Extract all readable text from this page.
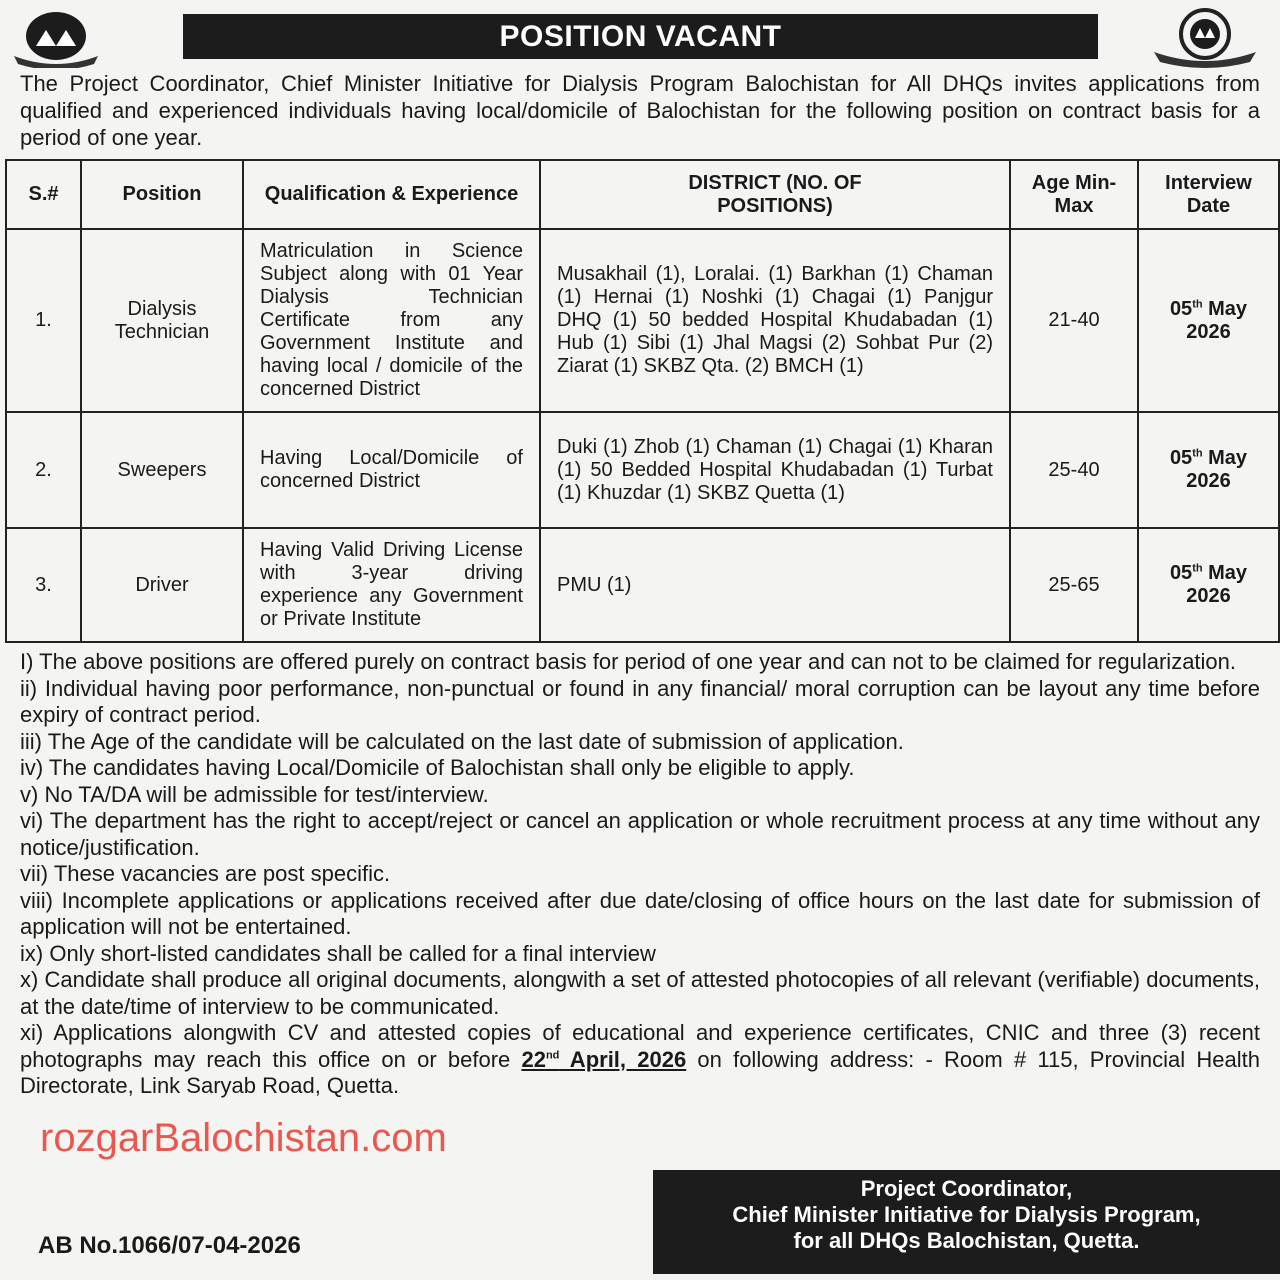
POSITION VACANT
The Project Coordinator, Chief Minister Initiative for Dialysis Program Balochistan for All DHQs invites applications from qualified and experienced individuals having local/domicile of Balochistan for the following position on contract basis for a period of one year.
S.#	Position	Qualification & Experience	DISTRICT (NO. OF POSITIONS)	Age Min-Max	Interview Date
1.	Dialysis Technician	Matriculation in Science Subject along with 01 Year Dialysis Technician Certificate from any Government Institute and having local / domicile of the concerned District	Musakhail (1), Loralai. (1) Barkhan (1) Chaman (1) Hernai (1) Noshki (1) Chagai (1) Panjgur DHQ (1) 50 bedded Hospital Khudabadan (1) Hub (1) Sibi (1) Jhal Magsi (2) Sohbat Pur (2) Ziarat (1) SKBZ Qta. (2) BMCH (1)	21-40	05th May 2026
2.	Sweepers	Having Local/Domicile of concerned District	Duki (1) Zhob (1) Chaman (1) Chagai (1) Kharan (1) 50 Bedded Hospital Khudabadan (1) Turbat (1) Khuzdar (1) SKBZ Quetta (1)	25-40	05th May 2026
3.	Driver	Having Valid Driving License with 3-year driving experience any Government or Private Institute	PMU (1)	25-65	05th May 2026

I) The above positions are offered purely on contract basis for period of one year and can not to be claimed for regularization.

ii) Individual having poor performance, non-punctual or found in any financial/ moral corruption can be layout any time before expiry of contract period.

iii) The Age of the candidate will be calculated on the last date of submission of application.

iv) The candidates having Local/Domicile of Balochistan shall only be eligible to apply.

v) No TA/DA will be admissible for test/interview.

vi) The department has the right to accept/reject or cancel an application or whole recruitment process at any time without any notice/justification.

vii) These vacancies are post specific.

viii) Incomplete applications or applications received after due date/closing of office hours on the last date for submission of application will not be entertained.

ix) Only short-listed candidates shall be called for a final interview

x) Candidate shall produce all original documents, alongwith a set of attested photocopies of all relevant (verifiable) documents, at the date/time of interview to be communicated.

xi) Applications alongwith CV and attested copies of educational and experience certificates, CNIC and three (3) recent photographs may reach this office on or before 22nd April, 2026 on following address: - Room # 115, Provincial Health Directorate, Link Saryab Road, Quetta.

rozgarBalochistan.com
AB No.1066/07-04-2026
Project Coordinator,
Chief Minister Initiative for Dialysis Program,
for all DHQs Balochistan, Quetta.
